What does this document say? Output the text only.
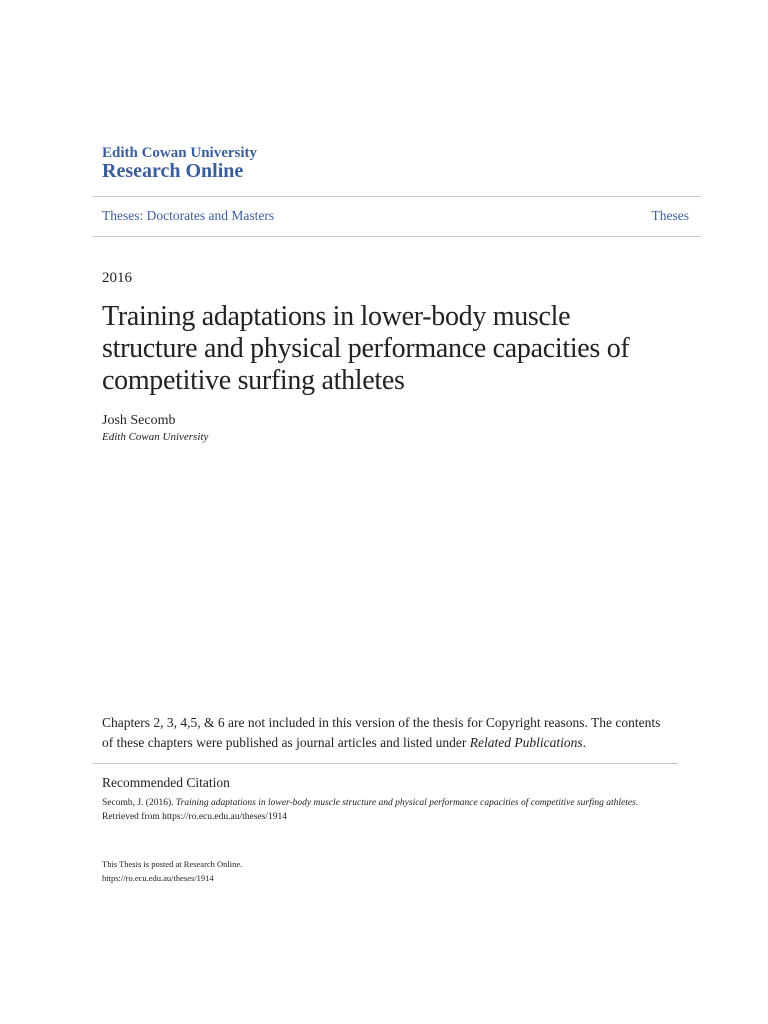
Edith Cowan University
Research Online
Theses: Doctorates and Masters	Theses
2016
Training adaptations in lower-body muscle structure and physical performance capacities of competitive surfing athletes
Josh Secomb
Edith Cowan University
Chapters 2, 3, 4,5, & 6 are not included in this version of the thesis for Copyright reasons. The contents of these chapters were published as journal articles and listed under Related Publications.
Recommended Citation
Secomb, J. (2016). Training adaptations in lower-body muscle structure and physical performance capacities of competitive surfing athletes.
Retrieved from https://ro.ecu.edu.au/theses/1914
This Thesis is posted at Research Online.
https://ro.ecu.edu.au/theses/1914
